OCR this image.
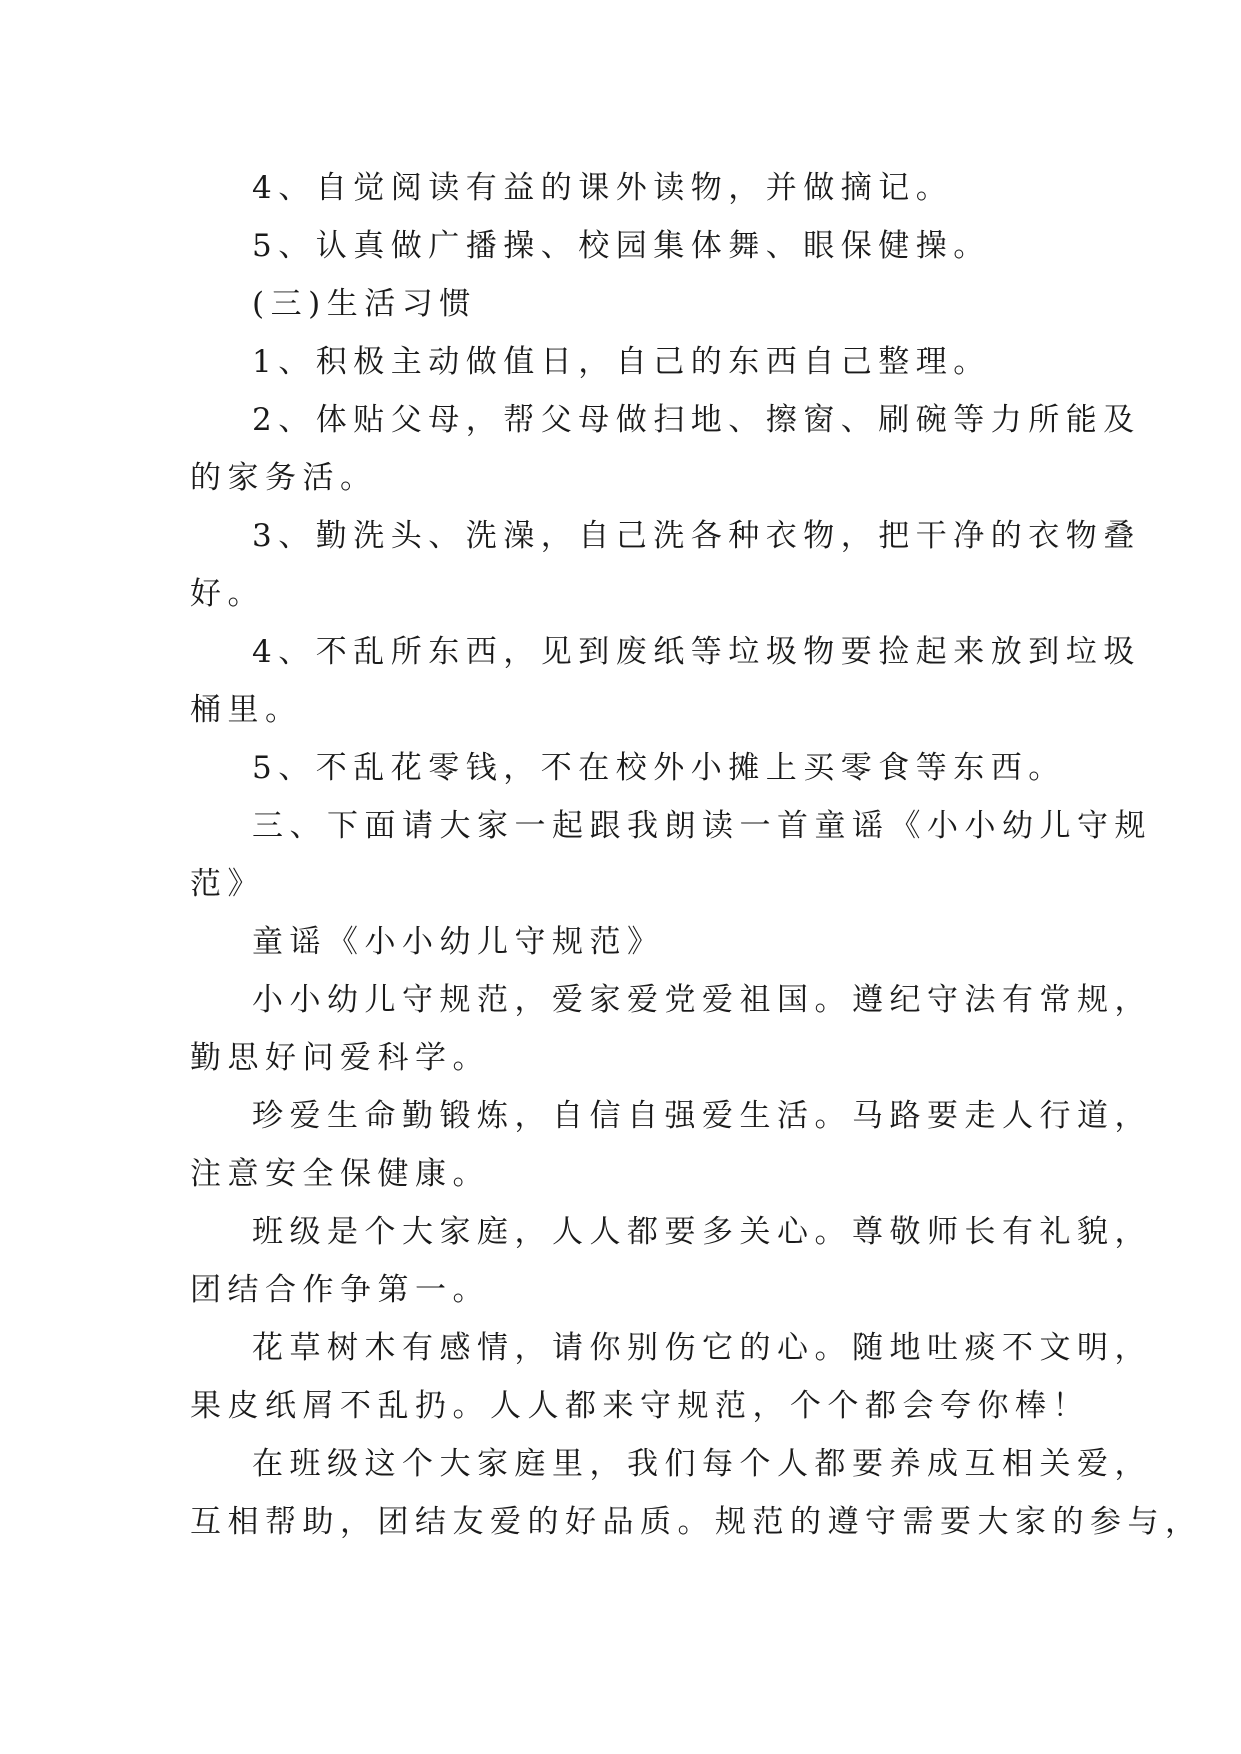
4、自觉阅读有益的课外读物，并做摘记。
5、认真做广播操、校园集体舞、眼保健操。
(三)生活习惯
1、积极主动做值日，自己的东西自己整理。
2、体贴父母，帮父母做扫地、擦窗、刷碗等力所能及
的家务活。
3、勤洗头、洗澡，自己洗各种衣物，把干净的衣物叠
好。
4、不乱所东西，见到废纸等垃圾物要捡起来放到垃圾
桶里。
5、不乱花零钱，不在校外小摊上买零食等东西。
三、下面请大家一起跟我朗读一首童谣《小小幼儿守规
范》
童谣《小小幼儿守规范》
小小幼儿守规范，爱家爱党爱祖国。遵纪守法有常规，
勤思好问爱科学。
珍爱生命勤锻炼，自信自强爱生活。马路要走人行道，
注意安全保健康。
班级是个大家庭，人人都要多关心。尊敬师长有礼貌，
团结合作争第一。
花草树木有感情，请你别伤它的心。随地吐痰不文明，
果皮纸屑不乱扔。人人都来守规范，个个都会夸你棒！
在班级这个大家庭里，我们每个人都要养成互相关爱，
互相帮助，团结友爱的好品质。规范的遵守需要大家的参与，
